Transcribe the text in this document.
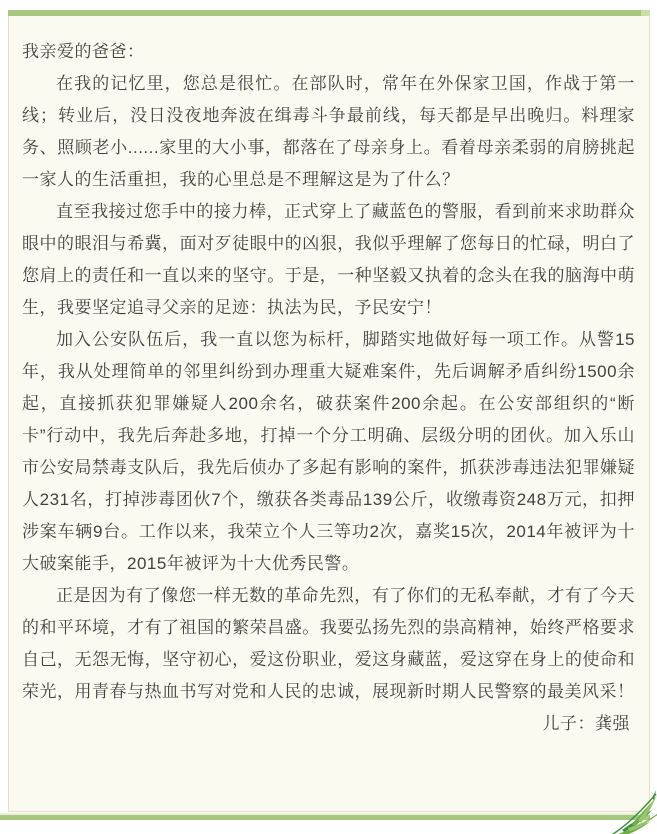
我亲爱的爸爸：

在我的记忆里，您总是很忙。在部队时，常年在外保家卫国，作战于第一线；转业后，没日没夜地奔波在缉毒斗争最前线，每天都是早出晚归。料理家务、照顾老小......家里的大小事，都落在了母亲身上。看着母亲柔弱的肩膀挑起一家人的生活重担，我的心里总是不理解这是为了什么？

直至我接过您手中的接力棒，正式穿上了藏蓝色的警服，看到前来求助群众眼中的眼泪与希冀，面对歹徒眼中的凶狠，我似乎理解了您每日的忙碌，明白了您肩上的责任和一直以来的坚守。于是，一种坚毅又执着的念头在我的脑海中萌生，我要坚定追寻父亲的足迹：执法为民，予民安宁！

加入公安队伍后，我一直以您为标杆，脚踏实地做好每一项工作。从警15年，我从处理简单的邻里纠纷到办理重大疑难案件，先后调解矛盾纠纷1500余起，直接抓获犯罪嫌疑人200余名，破获案件200余起。在公安部组织的“断卡”行动中，我先后奔赴多地，打掉一个分工明确、层级分明的团伙。加入乐山市公安局禁毒支队后，我先后侦办了多起有影响的案件，抓获涉毒违法犯罪嫌疑人231名，打掉涉毒团伙7个，缴获各类毒品139公斤，收缴毒资248万元，扣押涉案车辆9台。工作以来，我荣立个人三等功2次，嘉奖15次，2014年被评为十大破案能手，2015年被评为十大优秀民警。

正是因为有了像您一样无数的革命先烈，有了你们的无私奉献，才有了今天的和平环境，才有了祖国的繁荣昌盛。我要弘扬先烈的祟高精神，始终严格要求自己，无怨无悔，坚守初心，爱这份职业，爱这身藏蓝，爱这穿在身上的使命和荣光，用青春与热血书写对党和人民的忠诚，展现新时期人民警察的最美风采！

儿子：龚强
